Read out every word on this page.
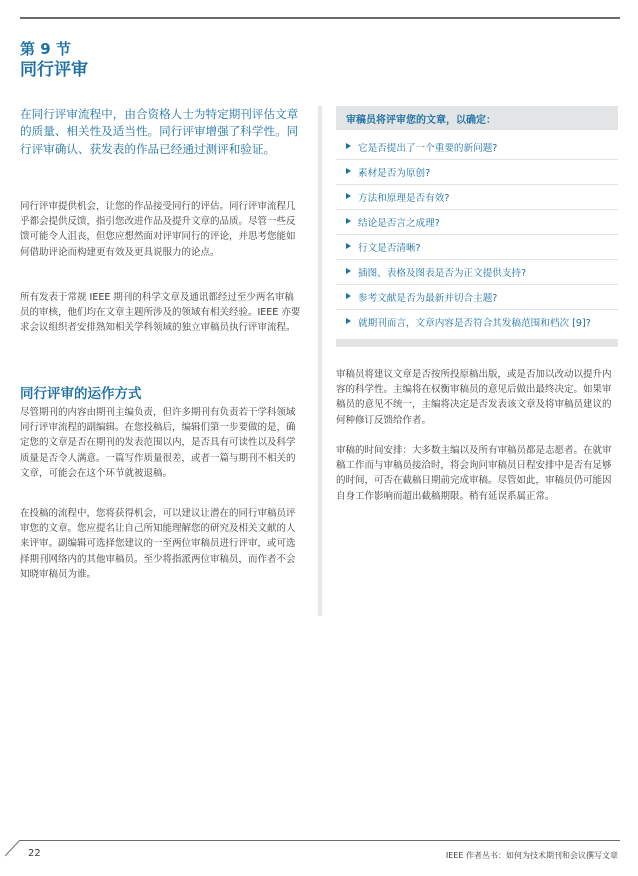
第 9 节
同行评审
在同行评审流程中，由合资格人士为特定期刊评估文章的质量、相关性及适当性。同行评审增强了科学性。同行评审确认、获发表的作品已经通过测评和验证。
同行评审提供机会，让您的作品接受同行的评估。同行评审流程几乎都会提供反馈，指引您改进作品及提升文章的品质。尽管一些反馈可能令人沮丧，但您应想然面对评审同行的评论，并思考您能如何借助评论而构建更有效及更具说服力的论点。
所有发表于常规 IEEE 期刊的科学文章及通讯都经过至少两名审稿员的审核，他们均在文章主题所涉及的领域有相关经验。IEEE 亦要求会议组织者安排熟知相关学科领域的独立审稿员执行评审流程。
同行评审的运作方式
尽管期刊的内容由期刊主编负责，但许多期刊有负责若干学科领域同行评审流程的副编辑。在您投稿后，编辑们第一步要做的是，确定您的文章是否在期刊的发表范围以内，是否具有可读性以及科学质量是否令人满意。一篇写作质量很差，或者一篇与期刊不相关的文章，可能会在这个环节就被退稿。
在投稿的流程中，您将获得机会，可以建议让潜在的同行审稿员评审您的文章。您应提名让自己所知能理解您的研究及相关文献的人来评审。副编辑可选择您建议的一至两位审稿员进行评审，或可选择期刊网络内的其他审稿员。至少将指派两位审稿员，而作者不会知晓审稿员为谁。
审稿员将评审您的文章，以确定：
它是否提出了一个重要的新问题?
素材是否为原创?
方法和原理是否有效?
结论是否言之成理?
行文是否清晰?
插图、表格及图表是否为正文提供支持?
参考文献是否为最新并切合主题?
就期刊而言，文章内容是否符合其发稿范围和档次 [9]?
审稿员将建议文章是否按所投原稿出版，或是否加以改动以提升内容的科学性。主编将在权衡审稿员的意见后做出最终决定。如果审稿员的意见不统一，主编将决定是否发表该文章及将审稿员建议的何种修订反馈给作者。
审稿的时间安排：大多数主编以及所有审稿员都是志愿者。在就审稿工作而与审稿员接洽时，将会询问审稿员日程安排中是否有足够的时间，可否在截稿日期前完成审稿。尽管如此，审稿员仍可能因自身工作影响而超出截稿期限。稍有延误系属正常。
22	IEEE 作者丛书：如何为技术期刊和会议撰写文章
